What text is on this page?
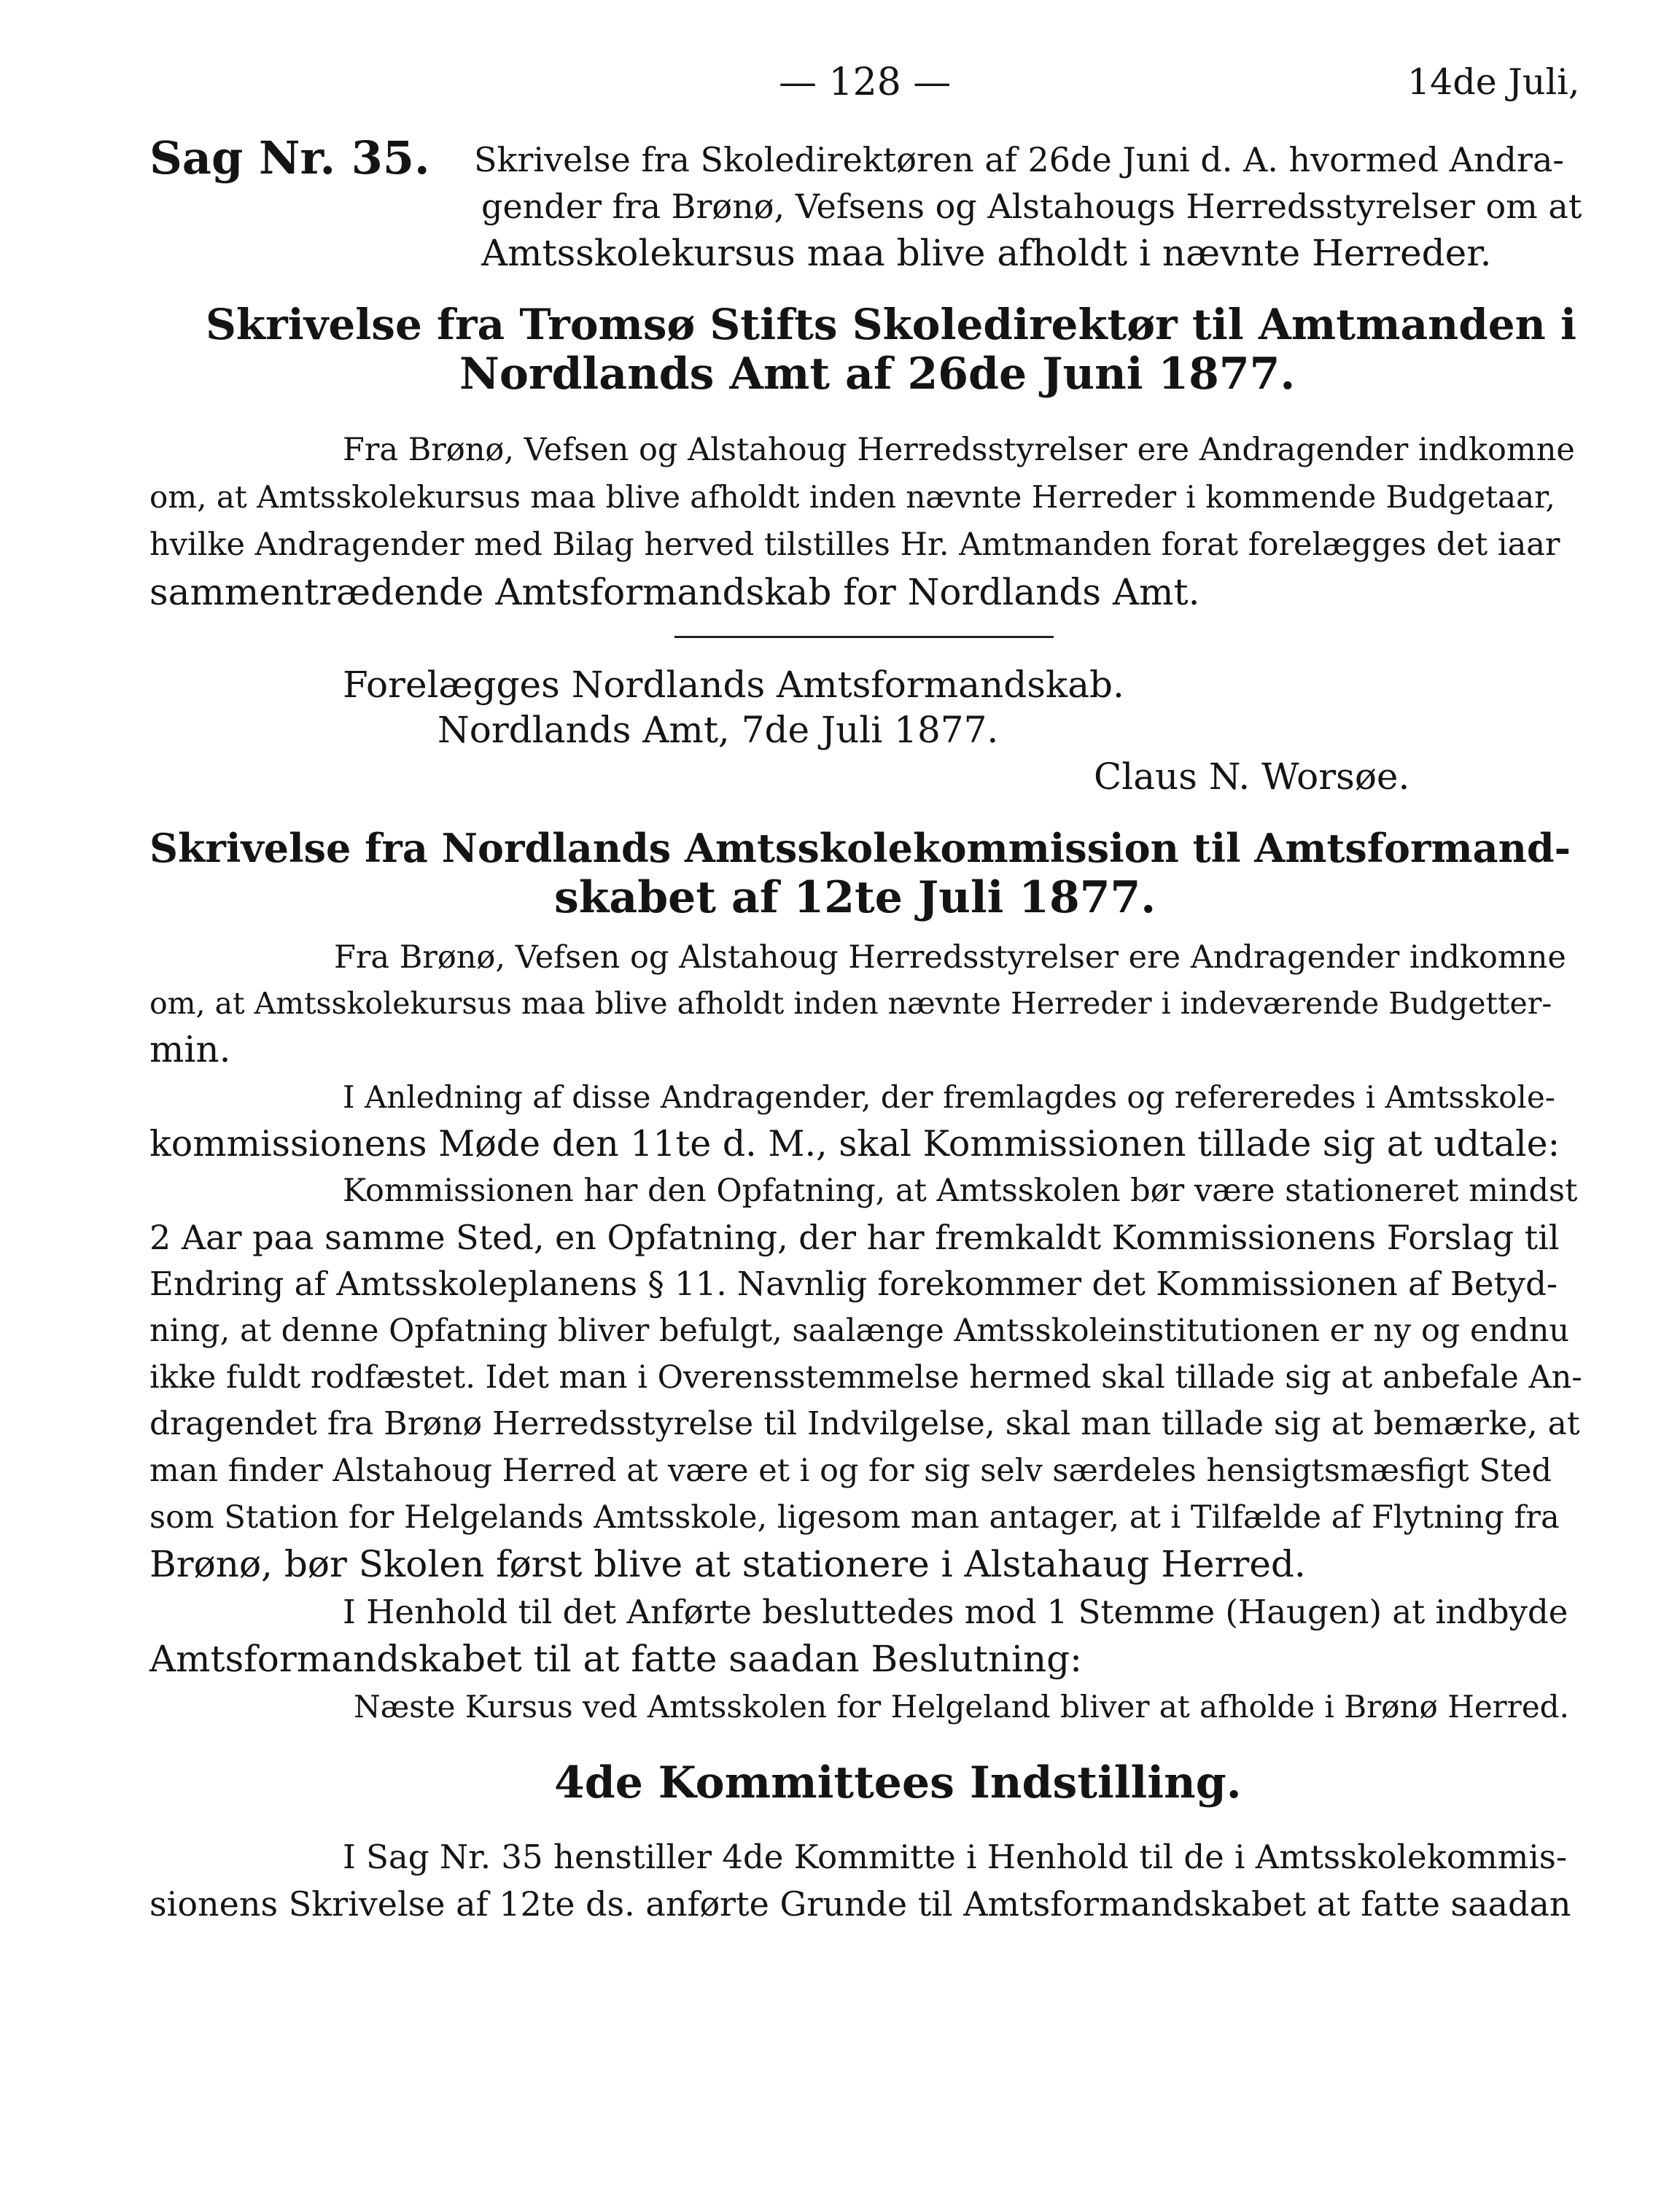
— 128 —	14de Juli,

Sag Nr. 35. Skrivelse fra Skoledirektøren af 26de Juni d. A. hvormed Andra-

gender fra Brønø, Vefsens og Alstahougs Herredsstyrelser om at

Amtsskolekursus maa blive afholdt i nævnte Herreder.

Skrivelse fra Tromsø Stifts Skoledirektør til Amtmanden i

Nordlands Amt af 26de Juni 1877.

Fra Brønø, Vefsen og Alstahoug Herredsstyrelser ere Andragender indkomne

om, at Amtsskolekursus maa blive afholdt inden nævnte Herreder i kommende Budgetaar,

hvilke Andragender med Bilag herved tilstilles Hr. Amtmanden forat forelægges det iaar

sammentrædende Amtsformandskab for Nordlands Amt.

Forelægges Nordlands Amtsformandskab.

Nordlands Amt, 7de Juli 1877.

Claus N. Worsøe.

Skrivelse fra Nordlands Amtsskolekommission til Amtsformand-

skabet af 12te Juli 1877.

Fra Brønø, Vefsen og Alstahoug Herredsstyrelser ere Andragender indkomne

om, at Amtsskolekursus maa blive afholdt inden nævnte Herreder i indeværende Budgetter-

min.

I Anledning af disse Andragender, der fremlagdes og refereredes i Amtsskole-

kommissionens Møde den 11te d. M., skal Kommissionen tillade sig at udtale:

Kommissionen har den Opfatning, at Amtsskolen bør være stationeret mindst

2 Aar paa samme Sted, en Opfatning, der har fremkaldt Kommissionens Forslag til

Endring af Amtsskoleplanens § 11. Navnlig forekommer det Kommissionen af Betyd-

ning, at denne Opfatning bliver befulgt, saalænge Amtsskoleinstitutionen er ny og endnu

ikke fuldt rodfæstet. Idet man i Overensstemmelse hermed skal tillade sig at anbefale An-

dragendet fra Brønø Herredsstyrelse til Indvilgelse, skal man tillade sig at bemærke, at

man finder Alstahoug Herred at være et i og for sig selv særdeles hensigtsmæsfigt Sted

som Station for Helgelands Amtsskole, ligesom man antager, at i Tilfælde af Flytning fra

Brønø, bør Skolen først blive at stationere i Alstahaug Herred.

I Henhold til det Anførte besluttedes mod 1 Stemme (Haugen) at indbyde

Amtsformandskabet til at fatte saadan Beslutning:

Næste Kursus ved Amtsskolen for Helgeland bliver at afholde i Brønø Herred.

4de Kommittees Indstilling.

I Sag Nr. 35 henstiller 4de Kommitte i Henhold til de i Amtsskolekommis-

sionens Skrivelse af 12te ds. anførte Grunde til Amtsformandskabet at fatte saadan
